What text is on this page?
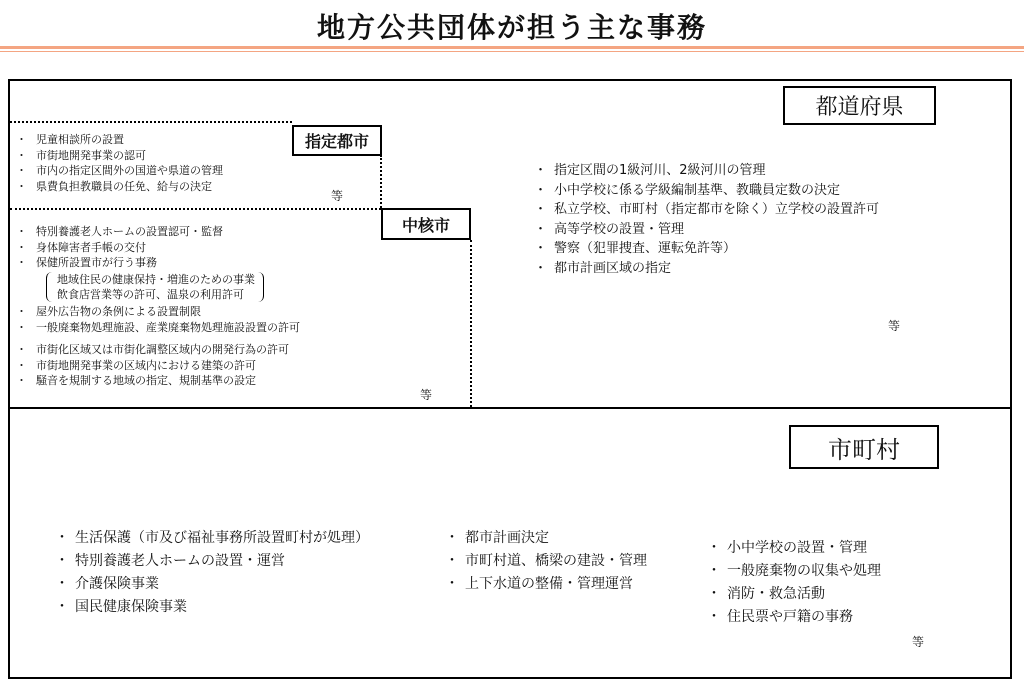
地方公共団体が担う主な事務
都道府県
・ 指定区間の1級河川、2級河川の管理
・ 小中学校に係る学級編制基準、教職員定数の決定
・ 私立学校、市町村（指定都市を除く）立学校の設置許可
・ 高等学校の設置・管理
・ 警察（犯罪捜査、運転免許等）
・ 都市計画区域の指定
等
指定都市
・ 児童相談所の設置
・ 市街地開発事業の認可
・ 市内の指定区間外の国道や県道の管理
・ 県費負担教職員の任免、給与の決定
等
中核市
・ 特別養護老人ホームの設置認可・監督
・ 身体障害者手帳の交付
・ 保健所設置市が行う事務
地域住民の健康保持・増進のための事業
飲食店営業等の許可、温泉の利用許可
・ 屋外広告物の条例による設置制限
・ 一般廃棄物処理施設、産業廃棄物処理施設設置の許可
・ 市街化区域又は市街化調整区域内の開発行為の許可
・ 市街地開発事業の区域内における建築の許可
・ 騒音を規制する地域の指定、規制基準の設定
等
市町村
・ 生活保護（市及び福祉事務所設置町村が処理）
・ 特別養護老人ホームの設置・運営
・ 介護保険事業
・ 国民健康保険事業
・ 都市計画決定
・ 市町村道、橋梁の建設・管理
・ 上下水道の整備・管理運営
・ 小中学校の設置・管理
・ 一般廃棄物の収集や処理
・ 消防・救急活動
・ 住民票や戸籍の事務
等
